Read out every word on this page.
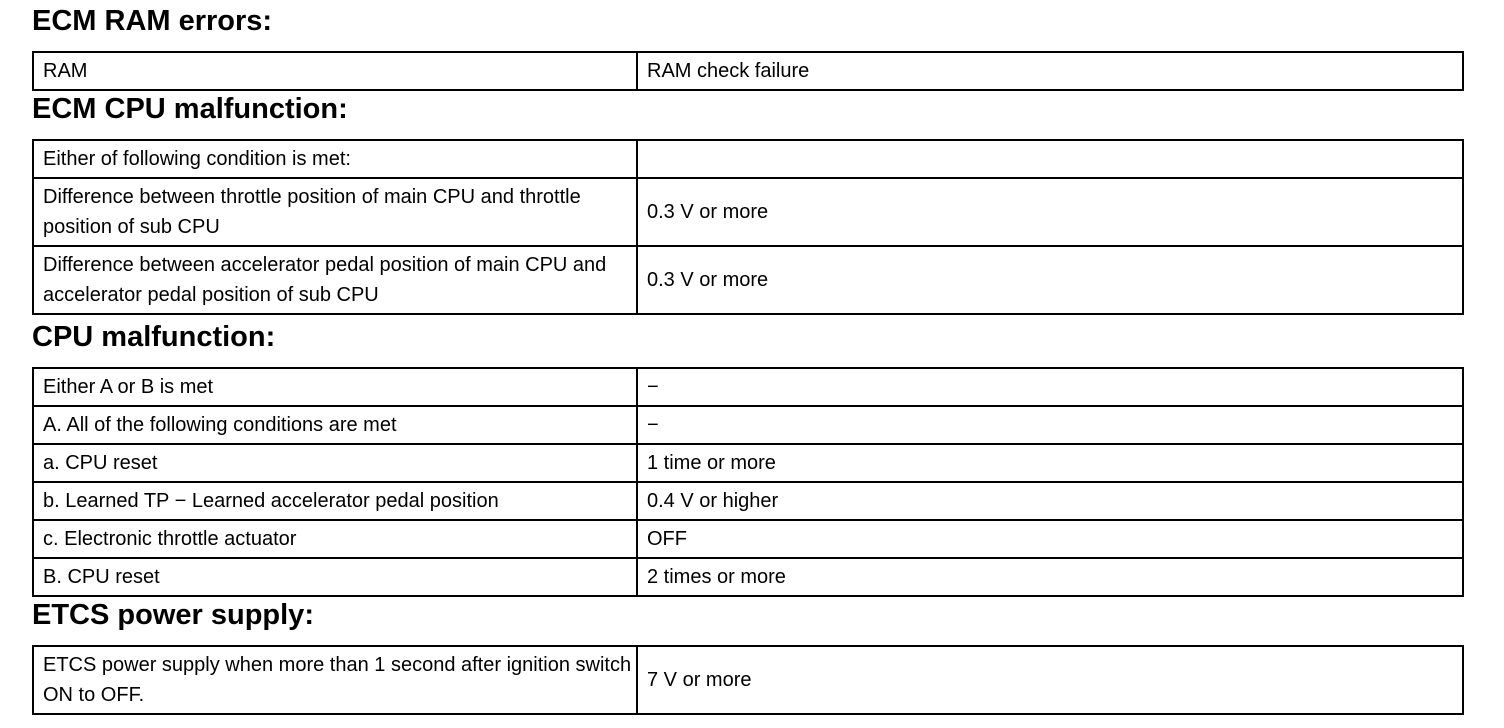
ECM RAM errors:
RAM	RAM check failure
ECM CPU malfunction:
Either of following condition is met:	
Difference between throttle position of main CPU and throttle position of sub CPU	0.3 V or more
Difference between accelerator pedal position of main CPU and accelerator pedal position of sub CPU	0.3 V or more
CPU malfunction:
Either A or B is met	−
A. All of the following conditions are met	−
a. CPU reset	1 time or more
b. Learned TP − Learned accelerator pedal position	0.4 V or higher
c. Electronic throttle actuator	OFF
B. CPU reset	2 times or more
ETCS power supply:
ETCS power supply when more than 1 second after ignition switch ON to OFF.	7 V or more
